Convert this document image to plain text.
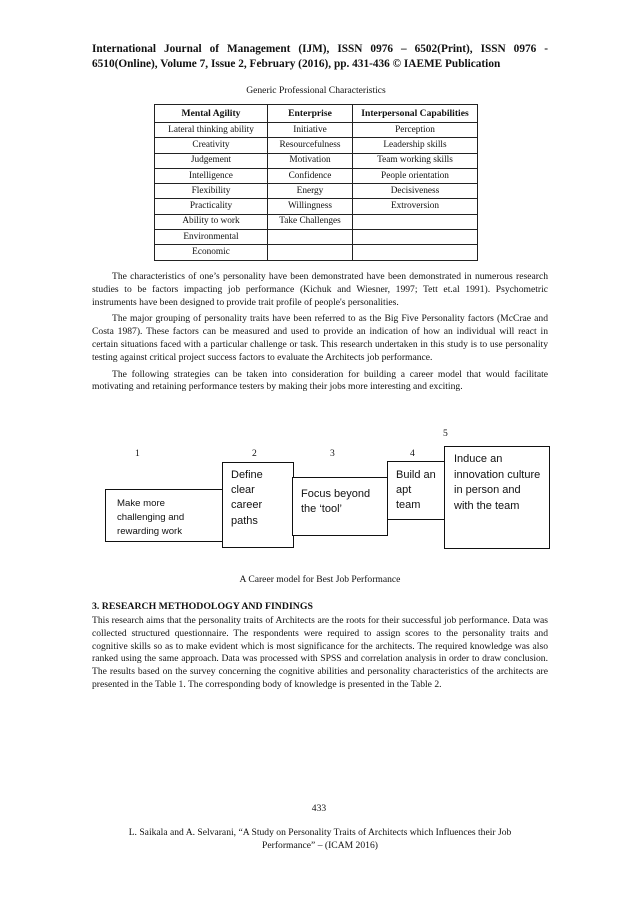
International Journal of Management (IJM), ISSN 0976 – 6502(Print), ISSN 0976 - 6510(Online), Volume 7, Issue 2, February (2016), pp. 431-436 © IAEME Publication
Generic Professional Characteristics
Mental Agility	Enterprise	Interpersonal Capabilities
Lateral thinking ability	Initiative	Perception
Creativity	Resourcefulness	Leadership skills
Judgement	Motivation	Team working skills
Intelligence	Confidence	People orientation
Flexibility	Energy	Decisiveness
Practicality	Willingness	Extroversion
Ability to work	Take Challenges	
Environmental		
Economic		

The characteristics of one’s personality have been demonstrated have been demonstrated in numerous research studies to be factors impacting job performance (Kichuk and Wiesner, 1997; Tett et.al 1991). Psychometric instruments have been designed to provide trait profile of people's personalities.

The major grouping of personality traits have been referred to as the Big Five Personality factors (McCrae and Costa 1987). These factors can be measured and used to provide an indication of how an individual will react in certain situations faced with a particular challenge or task. This research undertaken in this study is to use personality testing against critical project success factors to evaluate the Architects job performance.

The following strategies can be taken into consideration for building a career model that would facilitate motivating and retaining performance testers by making their jobs more interesting and exciting.

1	2	3	4
5
Make more
challenging and
rewarding work
Define
clear
career
paths
Focus beyond
the ‘tool’
Build an
apt
team
Induce an
innovation culture
in person and
with the team
A Career model for Best Job Performance
3. RESEARCH METHODOLOGY AND FINDINGS

This research aims that the personality traits of Architects are the roots for their successful job performance. Data was collected structured questionnaire. The respondents were required to assign scores to the personality traits and cognitive skills so as to make evident which is most significance for the architects. The required knowledge was also ranked using the same approach. Data was processed with SPSS and correlation analysis in order to draw conclusion. The results based on the survey concerning the cognitive abilities and personality characteristics of the architects are presented in the Table 1. The corresponding body of knowledge is presented in the Table 2.

433
L. Saikala and A. Selvarani, “A Study on Personality Traits of Architects which Influences their Job
Performance” – (ICAM 2016)
